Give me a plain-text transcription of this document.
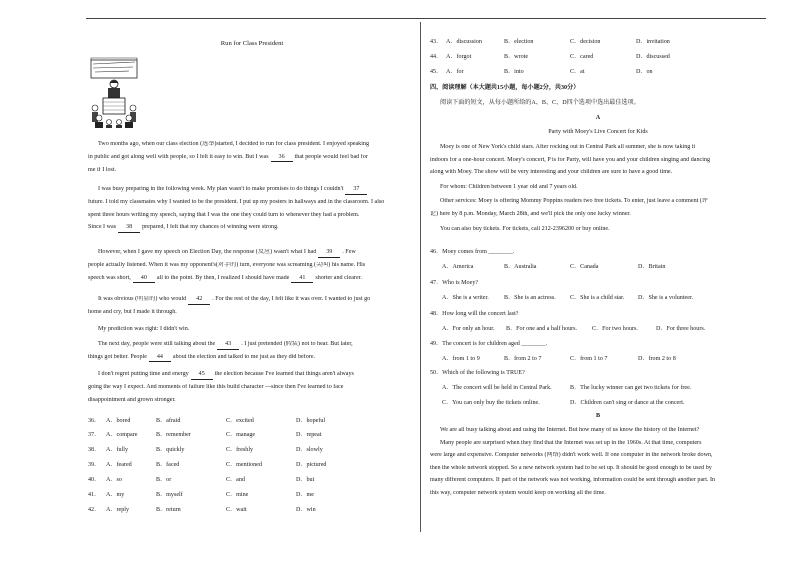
Run for Class President
Two months ago, when our class election (选举)started, I decided to run for class president. I enjoyed speaking
in public and got along well with people, so I felt it easy to win. But I was 36 that people would feel bad for
me if I lost.
I was busy preparing in the following week. My plan wasn't to make promises to do things I couldn't 37
future. I told my classmates why I wanted to be the president. I put up my posters in hallways and in the classroom. I also
spent three hours writing my speech, saying that I was the one they could turn to whenever they had a problem.
Since I was 38 prepared, I felt that my chances of winning were strong.
However, when I gave my speech on Election Day, the response (反应) wasn't what I had 39 . Few
people actually listened. When it was my opponent's(对手的) turn, everyone was screaming (尖叫) his name. His
speech was short, 40 all to the point. By then, I realized I should have made 41 shorter and clearer.
It was obvious (明显的) who would 42 . For the rest of the day, I felt like it was over. I wanted to just go
home and cry, but I made it through.
My prediction was right: I didn't win.
The next day, people were still talking about the 43 . I just pretended (假装) not to hear. But later,
things got better. People 44 about the election and talked to me just as they did before.
I don't regret putting time and energy 45 the election because I've learned that things aren't always
going the way I expect. And moments of failure like this build character —since then I've learned to face
disappointment and grown stronger.
36． A．bored	B．afraid	C．excited	D．hopeful
37． A．compare	B．remember	C．manage	D．repeat
38． A．fully	B．quickly	C．freshly	D．slowly
39． A．feared	B．faced	C．mentioned	D．pictured
40． A．so	B．or	C．and	D．but
41． A．my	B．myself	C．mine	D．me
42． A．reply	B．return	C．wait	D．win
43． A．discussion	B．election	C．decision	D．invitation
44． A．forgot	B．wrote	C．cared	D．discussed
45． A．for	B．into	C．at	D．on
四、阅读理解（本大题共15小题，每小题2分，共30分）
阅读下面的短文，从每小题所给的A、B、C、D四个选项中选出最佳选项。
A
Party with Moey's Live Concert for Kids
Moey is one of New York's child stars. After rocking out in Central Park all summer, she is now taking it
indoors for a one-hour concert. Moey's concert, P is for Party, will have you and your children singing and dancing
along with Moey. The show will be very interesting and your children are sure to have a good time.
For whom: Children between 1 year old and 7 years old.
Other services: Moey is offering Mommy Poppins readers two free tickets. To enter, just leave a comment (评
论) here by 8 p.m. Monday, March 28th, and we'll pick the only one lucky winner.
You can also buy tickets. For tickets, call 212-2396200 or buy online.
46．Moey comes from ________.
A．America	B．Australia	C．Canada	D．Britain
47．Who is Moey?
A．She is a writer.	B．She is an actress. C．She is a child star. D．She is a volunteer.
48．How long will the concert last?
A．For only an hour. B．For one and a half hours. C．For two hours.	D．For three hours.
49．The concert is for children aged ________.
A．from 1 to 9	B．from 2 to 7	C．from 1 to 7	D．from 2 to 8
50．Which of the following is TRUE?
A．The concert will be held in Central Park.	B．The lucky winner can get two tickets for free.
C．You can only buy the tickets online.	D．Children can't sing or dance at the concert.
B
We are all busy talking about and using the Internet. But how many of us know the history of the Internet?
Many people are surprised when they find that the Internet was set up in the 1960s. At that time, computers
were large and expensive. Computer networks (网络) didn't work well. If one computer in the network broke down,
then the whole network stopped. So a new network system had to be set up. It should be good enough to be used by
many different computers. If part of the network was not working, information could be sent through another part. In
this way, computer network system would keep on working all the time.
